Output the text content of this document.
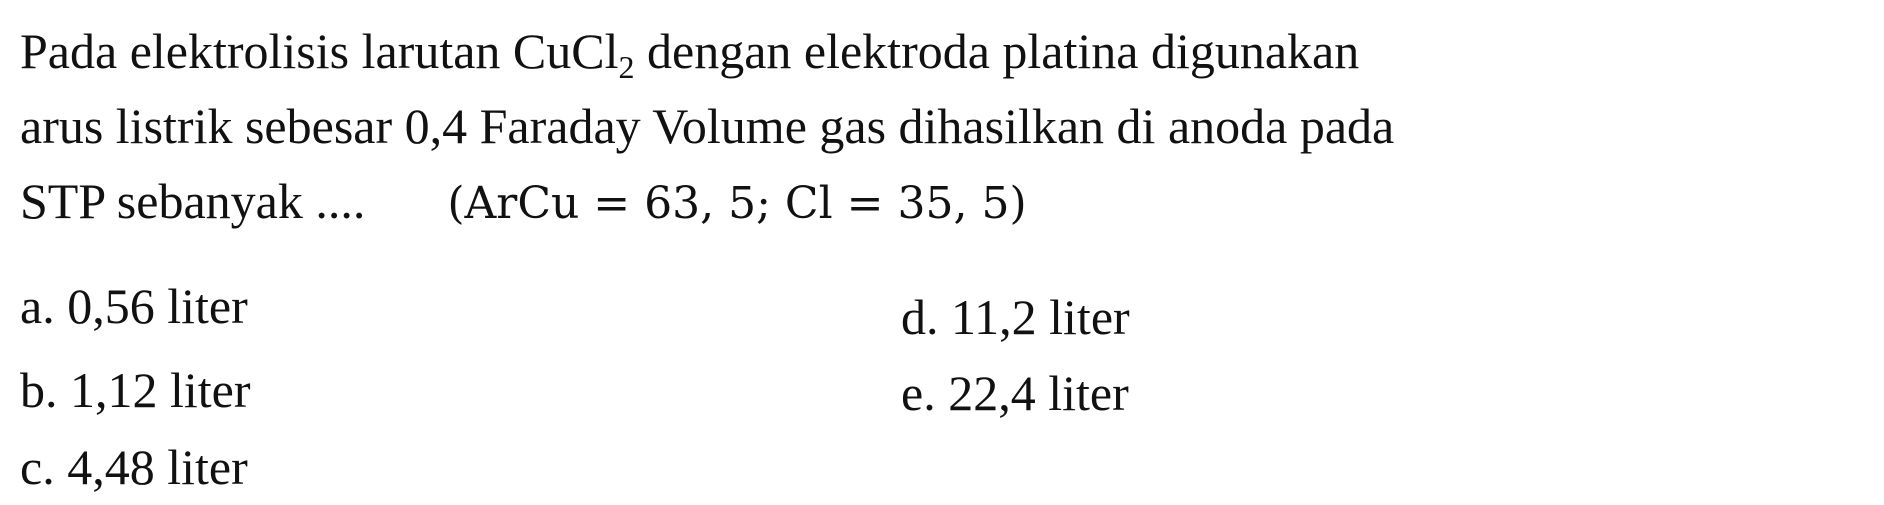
Pada elektrolisis larutan CuCl$_2$ dengan elektroda platina digunakan
arus listrik sebesar 0,4 Faraday Volume gas dihasilkan di anoda pada
STP sebanyak .... (ArCu = 63, 5; Cl = 35, 5)
a. 0,56 liter
b. 1,12 liter
c. 4,48 liter
d. 11,2 liter
e. 22,4 liter
